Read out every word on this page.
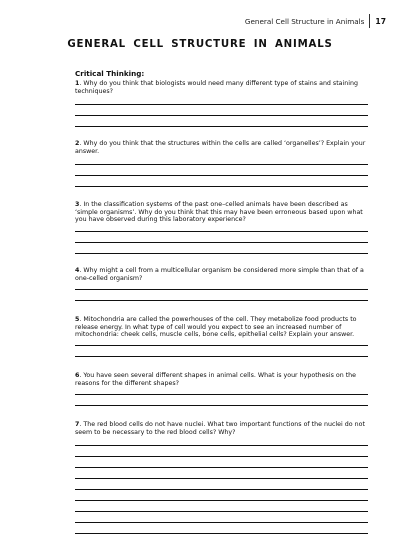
General Cell Structure in Animals 17
GENERAL CELL STRUCTURE IN ANIMALS
Critical Thinking:

1. Why do you think that biologists would need many different type of stains and staining techniques?

2. Why do you think that the structures within the cells are called ‘organelles’? Explain your answer.

3. In the classification systems of the past one–celled animals have been described as ‘simple organisms’. Why do you think that this may have been erroneous based upon what you have observed during this laboratory experience?

4. Why might a cell from a multicellular organism be considered more simple than that of a one-celled organism?

5. Mitochondria are called the powerhouses of the cell. They metabolize food products to release energy. In what type of cell would you expect to see an increased number of mitochondria: cheek cells, muscle cells, bone cells, epithelial cells? Explain your answer.

6. You have seen several different shapes in animal cells. What is your hypothesis on the reasons for the different shapes?

7. The red blood cells do not have nuclei. What two important functions of the nuclei do not seem to be necessary to the red blood cells? Why?
